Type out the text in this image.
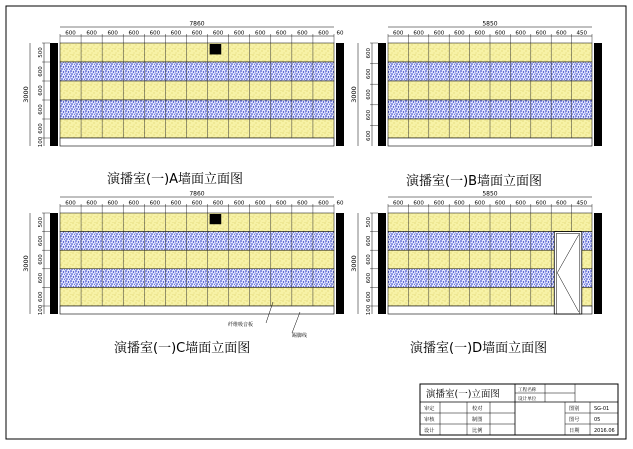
600 600 600 600 600 600 600 600 600 600 600 600 600
7860
60
500
600
600
600
600
100
3000
演播室(一)A墙面立面图
600 600 600 600 600 600 600 600 600 450
5850
600
600
600
600
600
3000
演播室(一)B墙面立面图
600 600 600 600 600 600 600 600 600 600 600 600 600
7860
60
500
600
600
600
600
100
3000
演播室(一)C墙面立面图
纤维吸音板
踢脚线
600 600 600 600 600 600 600 600 600 450
5850
500
600
600
600
600
100
3000
演播室(一)D墙面立面图
演播室(一)立面图	工程名称
设计单位
审定	校对
审核	制图
设计	比例
图别	SG-01
图号	05
日期	2016.06
